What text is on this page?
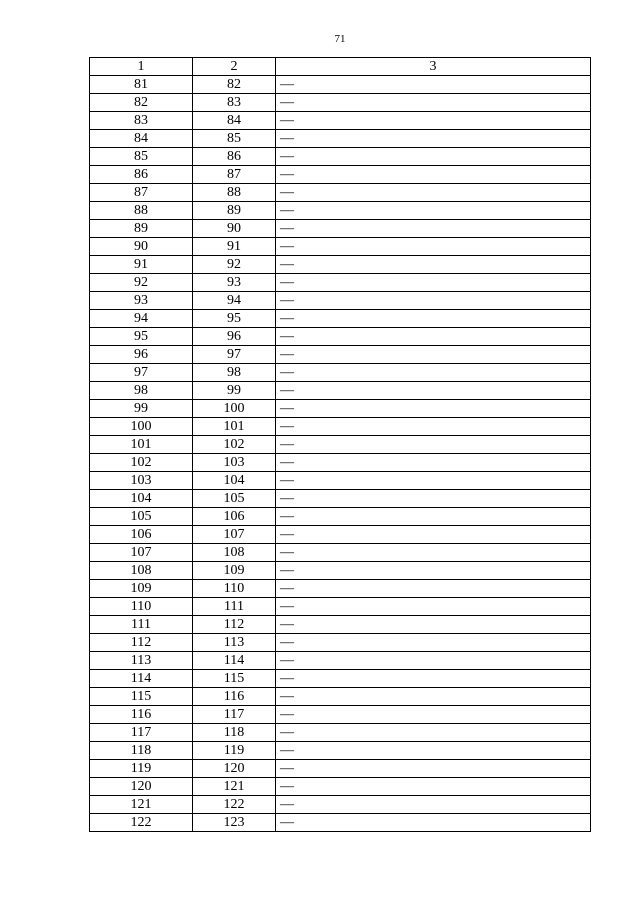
71
1	2	3
81	82	—
82	83	—
83	84	—
84	85	—
85	86	—
86	87	—
87	88	—
88	89	—
89	90	—
90	91	—
91	92	—
92	93	—
93	94	—
94	95	—
95	96	—
96	97	—
97	98	—
98	99	—
99	100	—
100	101	—
101	102	—
102	103	—
103	104	—
104	105	—
105	106	—
106	107	—
107	108	—
108	109	—
109	110	—
110	111	—
111	112	—
112	113	—
113	114	—
114	115	—
115	116	—
116	117	—
117	118	—
118	119	—
119	120	—
120	121	—
121	122	—
122	123	—
